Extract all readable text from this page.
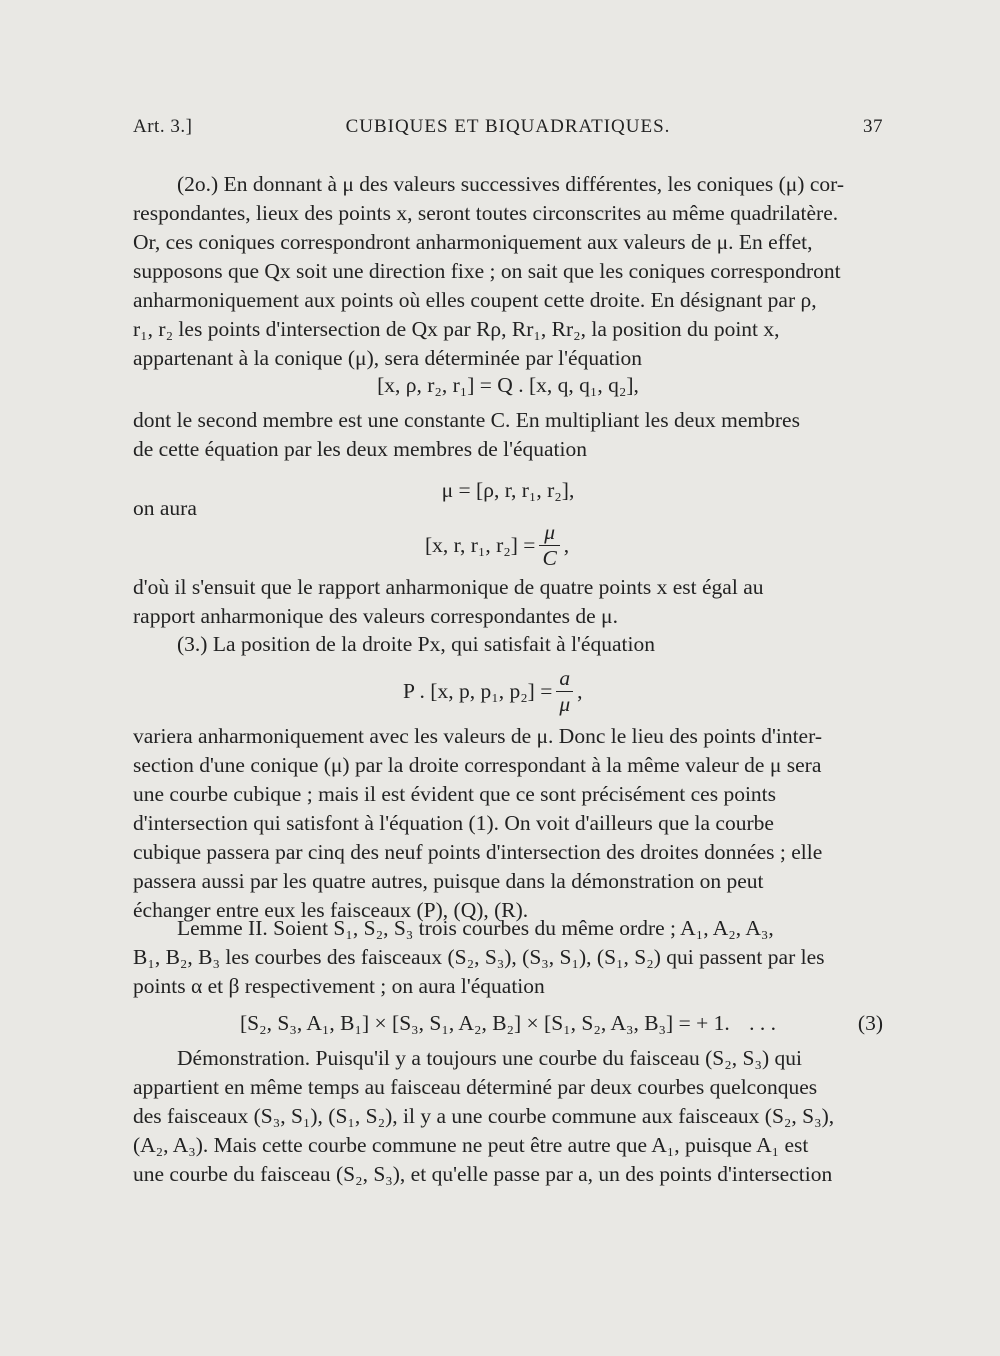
Art. 3.]	CUBIQUES ET BIQUADRATIQUES.	37

(2o.) En donnant à μ des valeurs successives différentes, les coniques (μ) cor-

respondantes, lieux des points x, seront toutes circonscrites au même quadrilatère.

Or, ces coniques correspondront anharmoniquement aux valeurs de μ. En effet,

supposons que Qx soit une direction fixe ; on sait que les coniques correspondront

anharmoniquement aux points où elles coupent cette droite. En désignant par ρ,

r₁, r₂ les points d'intersection de Qx par Rρ, Rr₁, Rr₂, la position du point x,

appartenant à la conique (μ), sera déterminée par l'équation

[x, ρ, r₂, r₁] = Q . [x, q, q₁, q₂],

dont le second membre est une constante C. En multipliant les deux membres

de cette équation par les deux membres de l'équation

μ = [ρ, r, r₁, r₂],
on aura
[x, r, r₁, $r_2] = \frac{\mu}{C}$ ,

d'où il s'ensuit que le rapport anharmonique de quatre points x est égal au

rapport anharmonique des valeurs correspondantes de μ.

(3.) La position de la droite Px, qui satisfait à l'équation

P . [x, p, p₁, $p_2] = \frac{a}{\mu}$ ,

variera anharmoniquement avec les valeurs de μ. Donc le lieu des points d'inter-

section d'une conique (μ) par la droite correspondant à la même valeur de μ sera

une courbe cubique ; mais il est évident que ce sont précisément ces points

d'intersection qui satisfont à l'équation (1). On voit d'ailleurs que la courbe

cubique passera par cinq des neuf points d'intersection des droites données ; elle

passera aussi par les quatre autres, puisque dans la démonstration on peut

échanger entre eux les faisceaux (P), (Q), (R).

Lemme II. Soient S₁, S₂, S₃ trois courbes du même ordre ; A₁, A₂, A₃,

B₁, B₂, B₃ les courbes des faisceaux (S₂, S₃), (S₃, S₁), (S₁, S₂) qui passent par les

points α et β respectivement ; on aura l'équation

[S₂, S₃, A₁, B₁] × [S₃, S₁, A₂, B₂] × [S₁, S₂, A₃, B₃] = + 1. . . .	(3)

Démonstration. Puisqu'il y a toujours une courbe du faisceau (S₂, S₃) qui

appartient en même temps au faisceau déterminé par deux courbes quelconques

des faisceaux (S₃, S₁), (S₁, S₂), il y a une courbe commune aux faisceaux (S₂, S₃),

(A₂, A₃). Mais cette courbe commune ne peut être autre que A₁, puisque A₁ est

une courbe du faisceau (S₂, S₃), et qu'elle passe par a, un des points d'intersection
